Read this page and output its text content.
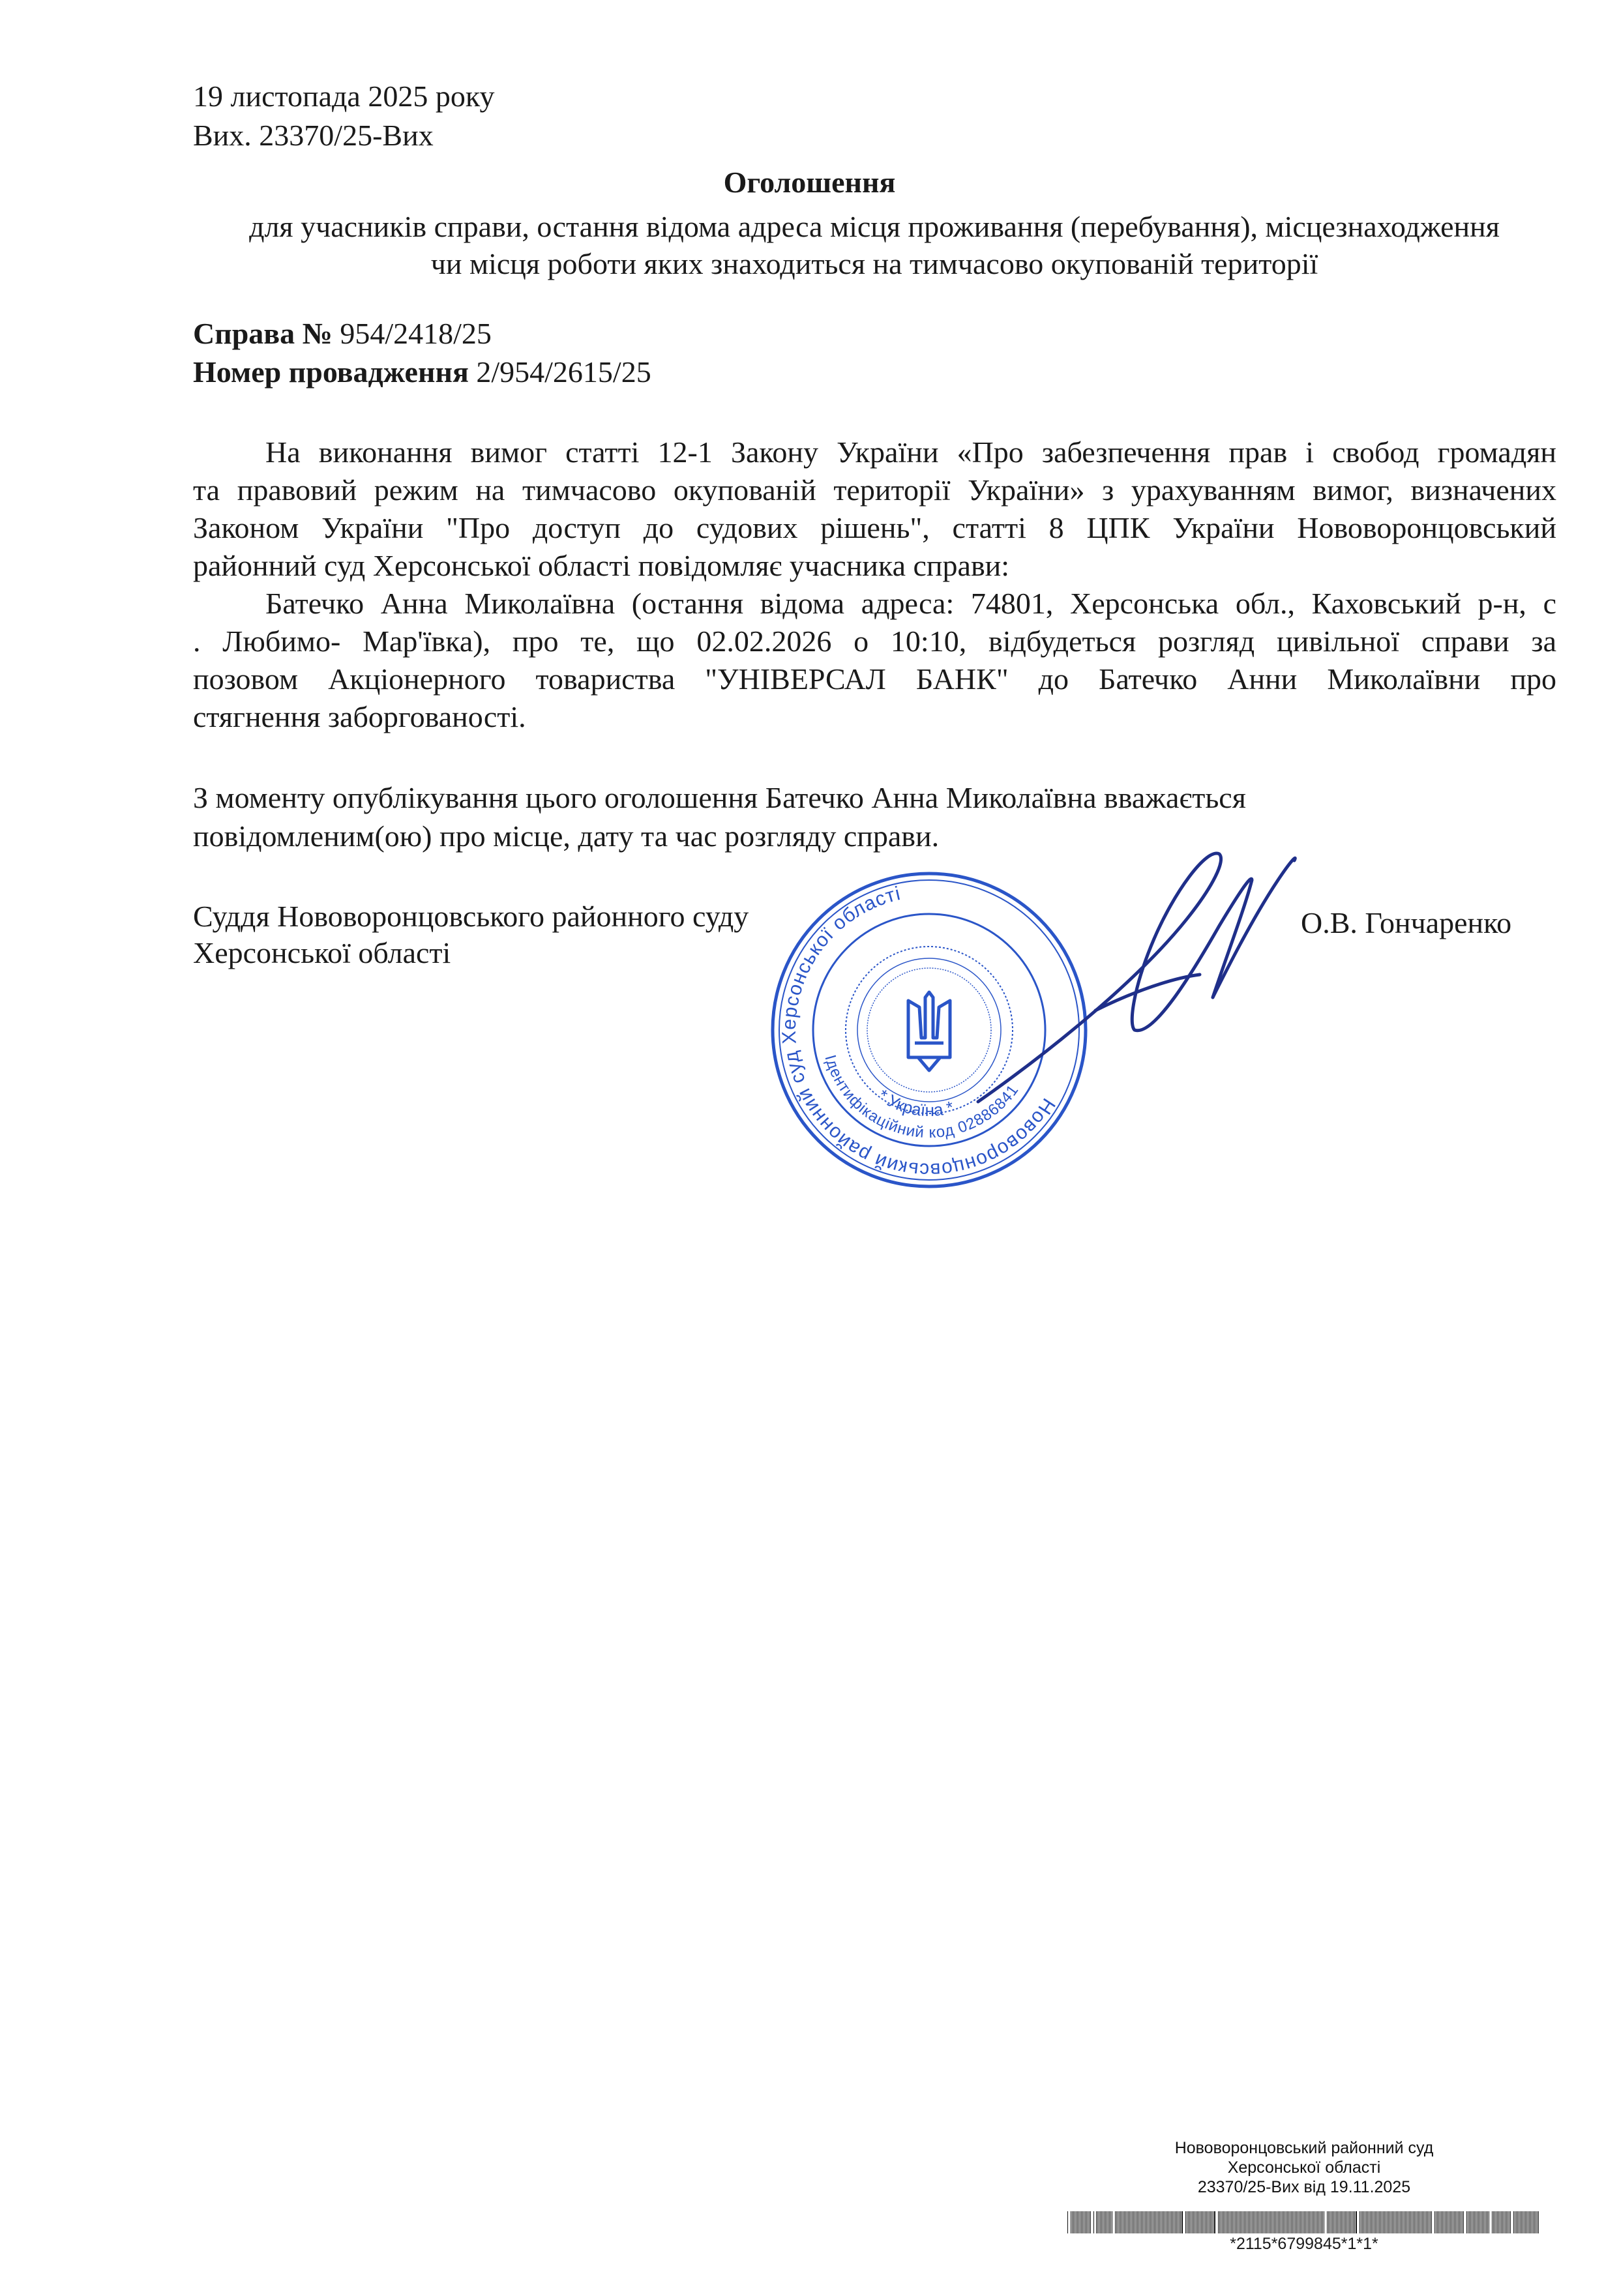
19 листопада 2025 року
Вих. 23370/25-Вих
Оголошення
для учасників справи, остання відома адреса місця проживання (перебування), місцезнаходження
чи місця роботи яких знаходиться на тимчасово окупованій території
Справа № 954/2418/25
Номер провадження 2/954/2615/25
На виконання вимог статті 12-1 Закону України «Про забезпечення прав і свобод громадян
та правовий режим на тимчасово окупованій території України» з урахуванням вимог, визначених
Законом України "Про доступ до судових рішень", статті 8 ЦПК України Нововоронцовський
районний суд Херсонської області повідомляє учасника справи:
Батечко Анна Миколаївна (остання відома адреса: 74801, Херсонська обл., Каховський р-н, с
. Любимо- Мар'ївка), про те, що 02.02.2026 о 10:10, відбудеться розгляд цивільної справи за
позовом Акціонерного товариства "УНІВЕРСАЛ БАНК" до Батечко Анни Миколаївни про
стягнення заборгованості.
З моменту опублікування цього оголошення Батечко Анна Миколаївна вважається
повідомленим(ою) про місце, дату та час розгляду справи.
Суддя Нововоронцовського районного суду
Херсонської області
О.В. Гончаренко
Нововоронцовський районний суд Херсонської області
Ідентифікаційний код 02886841
* Україна *
Нововоронцовський районний суд
Херсонської області
23370/25-Вих від 19.11.2025
*2115*6799845*1*1*
